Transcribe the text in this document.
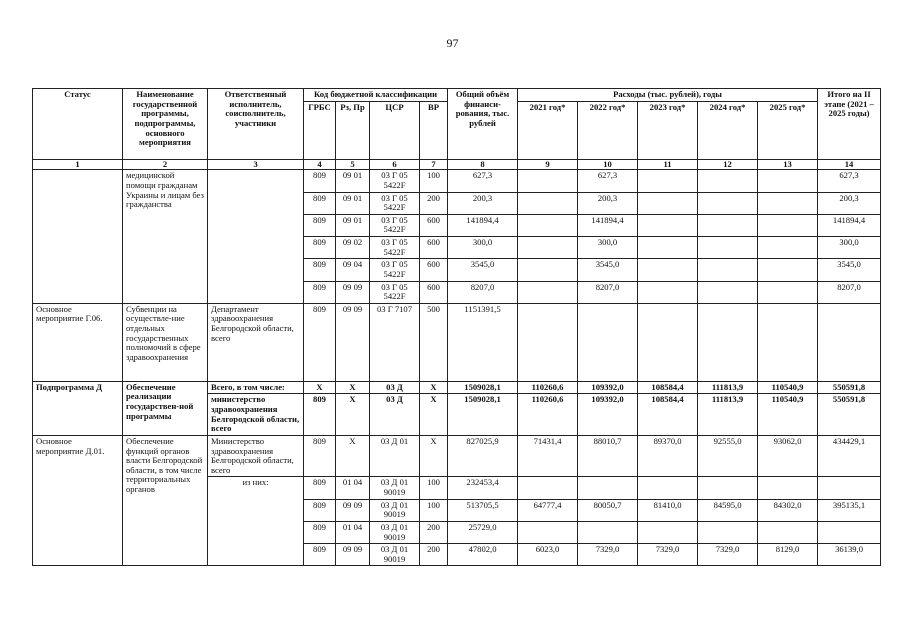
97
Статус	Наименование государственной программы, подпрограммы, основного мероприятия	Ответственный исполнитель, соисполнитель, участники	Код бюджетной классификации				Общий объём финанси-рования, тыс. рублей	Расходы (тыс. рублей), годы					Итого на II этапе (2021 – 2025 годы)
			ГРБС	Рз, Пр	ЦСР	ВР		2021 год*	2022 год*	2023 год*	2024 год*	2025 год*	

1	2	3	4	5	6	7	8	9	10	11	12	13	14
	медицинской помощи гражданам Украины и лицам без гражданства		809	09 01	03 Г 05 5422F	100	627,3		627,3				627,3
			809	09 01	03 Г 05 5422F	200	200,3		200,3				200,3
			809	09 01	03 Г 05 5422F	600	141894,4		141894,4				141894,4
			809	09 02	03 Г 05 5422F	600	300,0		300,0				300,0
			809	09 04	03 Г 05 5422F	600	3545,0		3545,0				3545,0
			809	09 09	03 Г 05 5422F	600	8207,0		8207,0				8207,0
Основное мероприятие Г.06.	Субвенции на осуществле-ние отдельных государственных полномочий в сфере здравоохранения	Департамент здравоохранения Белгородской области, всего	809	09 09	03 Г 7107	500	1151391,5						
Подпрограмма Д	Обеспечение реализации государствен-ной программы	Всего, в том числе:	Х	Х	03 Д	Х	1509028,1	110260,6	109392,0	108584,4	111813,9	110540,9	550591,8
		министерство здравоохранения Белгородской области, всего	809	Х	03 Д	Х	1509028,1	110260,6	109392,0	108584,4	111813,9	110540,9	550591,8
Основное мероприятие Д.01.	Обеспечение функций органов власти Белгородской области, в том числе территориальных органов	Министерство здравоохранения Белгородской области, всего	809	Х	03 Д 01	Х	827025,9	71431,4	88010,7	89370,0	92555,0	93062,0	434429,1
		из них:	809	01 04	03 Д 01 90019	100	232453,4						
			809	09 09	03 Д 01 90019	100	513705,5	64777,4	80050,7	81410,0	84595,0	84302,0	395135,1
			809	01 04	03 Д 01 90019	200	25729,0						
			809	09 09	03 Д 01 90019	200	47802,0	6023,0	7329,0	7329,0	7329,0	8129,0	36139,0
